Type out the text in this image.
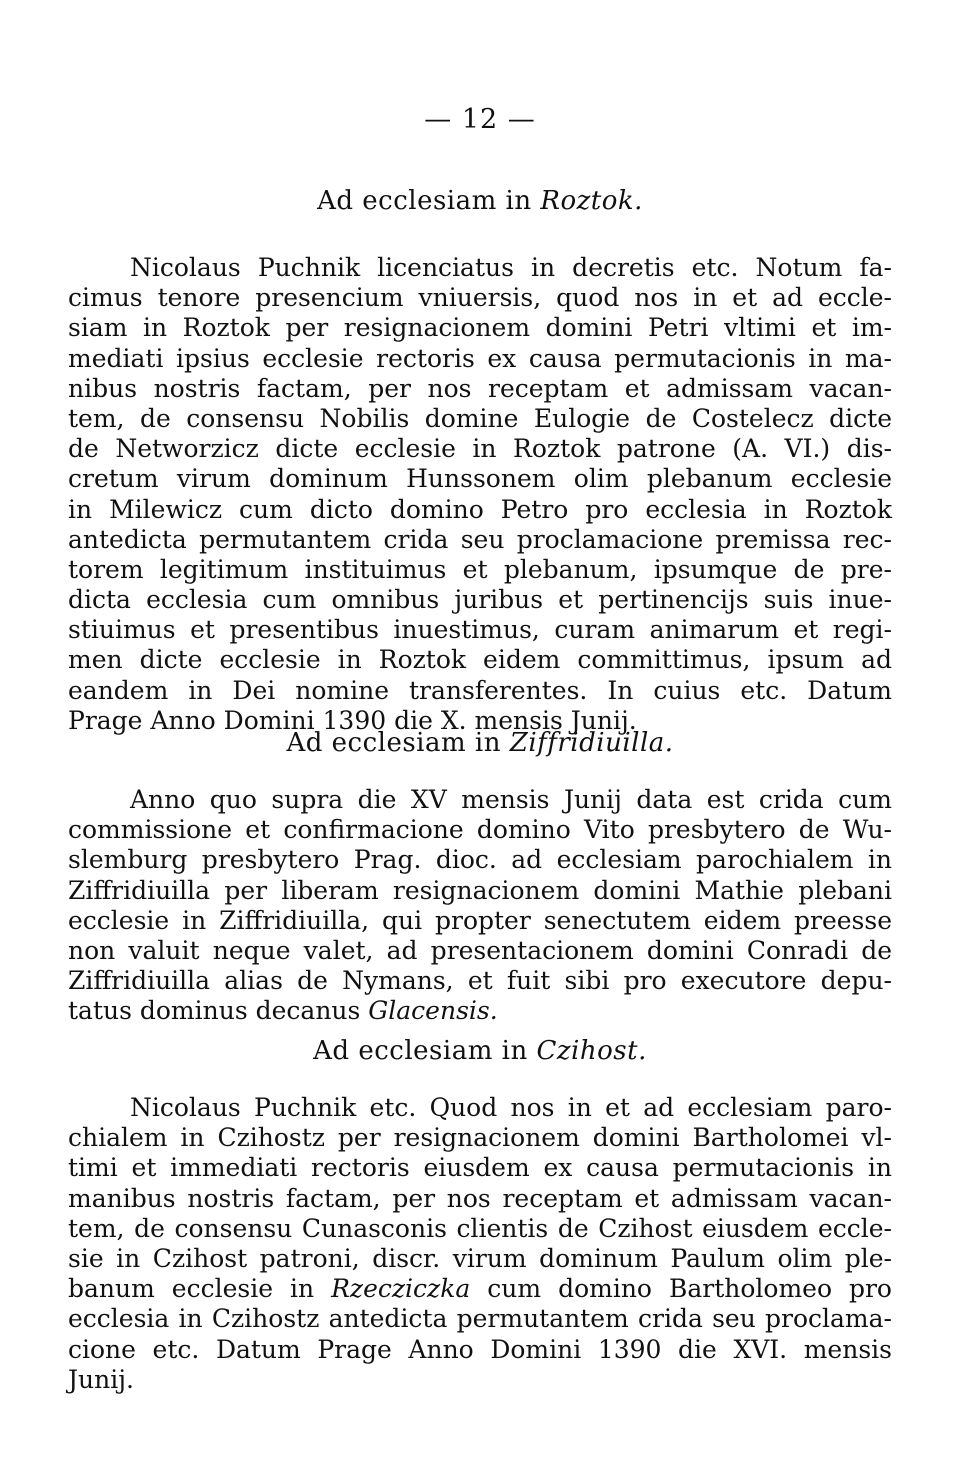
— 12 —
Ad ecclesiam in Roztok.
Nicolaus Puchnik licenciatus in decretis etc. Notum fa-
cimus tenore presencium vniuersis, quod nos in et ad eccle-
siam in Roztok per resignacionem domini Petri vltimi et im-
mediati ipsius ecclesie rectoris ex causa permutacionis in ma-
nibus nostris factam, per nos receptam et admissam vacan-
tem, de consensu Nobilis domine Eulogie de Costelecz dicte
de Networzicz dicte ecclesie in Roztok patrone (A. VI.) dis-
cretum virum dominum Hunssonem olim plebanum ecclesie
in Milewicz cum dicto domino Petro pro ecclesia in Roztok
antedicta permutantem crida seu proclamacione premissa rec-
torem legitimum instituimus et plebanum, ipsumque de pre-
dicta ecclesia cum omnibus juribus et pertinencijs suis inue-
stiuimus et presentibus inuestimus, curam animarum et regi-
men dicte ecclesie in Roztok eidem committimus, ipsum ad
eandem in Dei nomine transferentes. In cuius etc. Datum
Prage Anno Domini 1390 die X. mensis Junij.
Ad ecclesiam in Ziffridiuilla.
Anno quo supra die XV mensis Junij data est crida cum
commissione et confirmacione domino Vito presbytero de Wu-
slemburg presbytero Prag. dioc. ad ecclesiam parochialem in
Ziffridiuilla per liberam resignacionem domini Mathie plebani
ecclesie in Ziffridiuilla, qui propter senectutem eidem preesse
non valuit neque valet, ad presentacionem domini Conradi de
Ziffridiuilla alias de Nymans, et fuit sibi pro executore depu-
tatus dominus decanus Glacensis.
Ad ecclesiam in Czihost.
Nicolaus Puchnik etc. Quod nos in et ad ecclesiam paro-
chialem in Czihostz per resignacionem domini Bartholomei vl-
timi et immediati rectoris eiusdem ex causa permutacionis in
manibus nostris factam, per nos receptam et admissam vacan-
tem, de consensu Cunasconis clientis de Czihost eiusdem eccle-
sie in Czihost patroni, discr. virum dominum Paulum olim ple-
banum ecclesie in Rzecziczka cum domino Bartholomeo pro
ecclesia in Czihostz antedicta permutantem crida seu proclama-
cione etc. Datum Prage Anno Domini 1390 die XVI. mensis
Junij.
